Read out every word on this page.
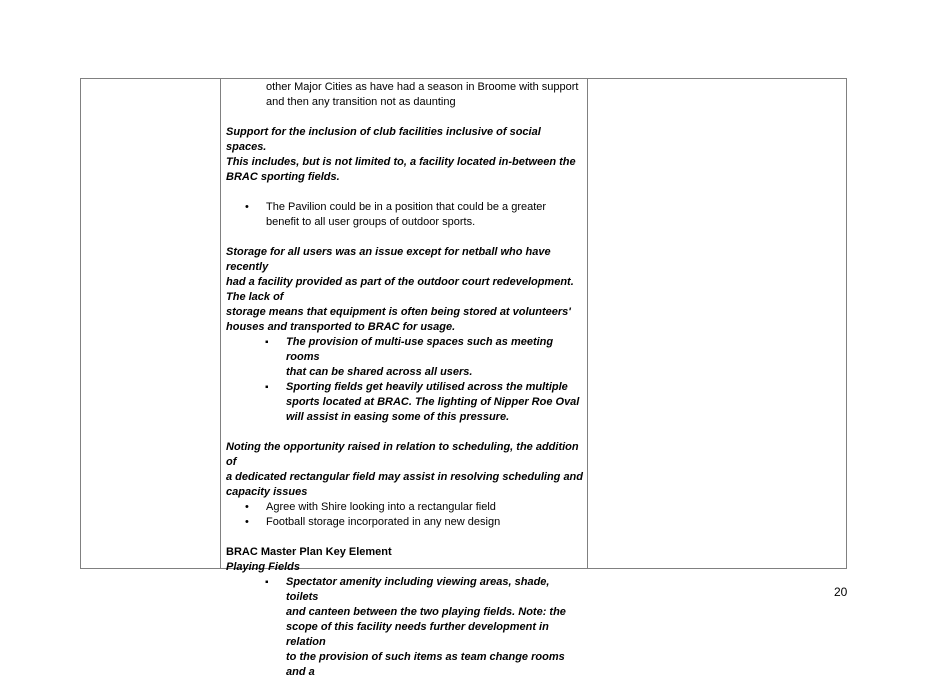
other Major Cities as have had a season in Broome with support
and then any transition not as daunting
Support for the inclusion of club facilities inclusive of social spaces.
This includes, but is not limited to, a facility located in-between the
BRAC sporting fields.
• The Pavilion could be in a position that could be a greater
benefit to all user groups of outdoor sports.
Storage for all users was an issue except for netball who have recently
had a facility provided as part of the outdoor court redevelopment.
The lack of
storage means that equipment is often being stored at volunteers'
houses and transported to BRAC for usage.
▪ The provision of multi-use spaces such as meeting rooms
that can be shared across all users.
▪ Sporting fields get heavily utilised across the multiple
sports located at BRAC. The lighting of Nipper Roe Oval
will assist in easing some of this pressure.
Noting the opportunity raised in relation to scheduling, the addition of
a dedicated rectangular field may assist in resolving scheduling and
capacity issues
• Agree with Shire looking into a rectangular field
• Football storage incorporated in any new design
BRAC Master Plan Key Element
Playing Fields
▪ Spectator amenity including viewing areas, shade, toilets
and canteen between the two playing fields. Note: the
scope of this facility needs further development in relation
to the provision of such items as team change rooms and a

20
